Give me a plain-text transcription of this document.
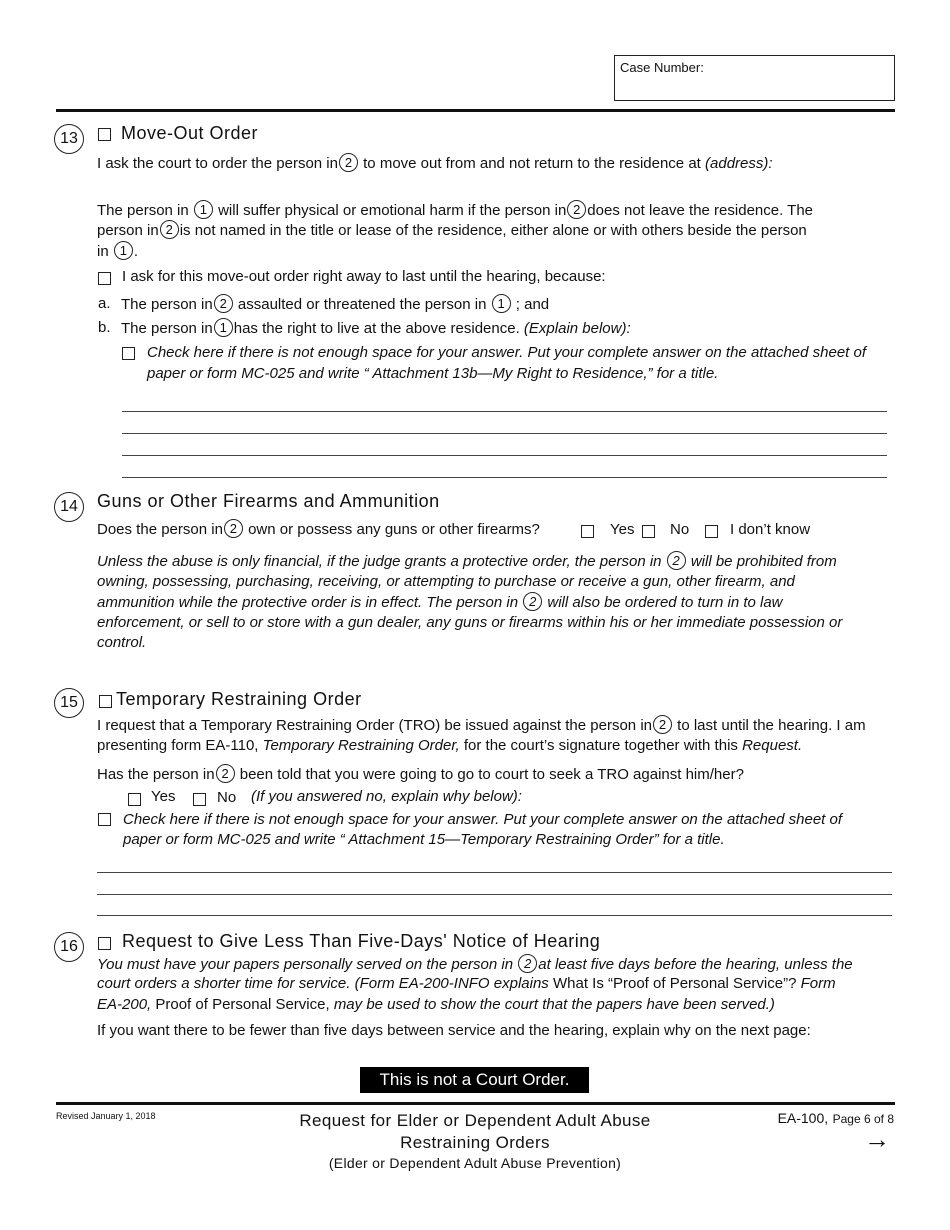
Case Number:
13	Move-Out Order
I ask the court to order the person in 2 to move out from and not return to the residence at (address):
The person in 1 will suffer physical or emotional harm if the person in 2 does not leave the residence. The
person in 2 is not named in the title or lease of the residence, either alone or with others beside the person
in 1 .
I ask for this move-out order right away to last until the hearing, because:
a. The person in 2 assaulted or threatened the person in 1 ; and
b. The person in 1 has the right to live at the above residence. (Explain below):
Check here if there is not enough space for your answer. Put your complete answer on the attached sheet of
paper or form MC-025 and write “ Attachment 13b—My Right to Residence,” for a title.
14	Guns or Other Firearms and Ammunition
Does the person in 2 own or possess any guns or other firearms?	Yes No	I don’t know
Unless the abuse is only financial, if the judge grants a protective order, the person in 2 will be prohibited from
owning, possessing, purchasing, receiving, or attempting to purchase or receive a gun, other firearm, and
ammunition while the protective order is in effect. The person in 2 will also be ordered to turn in to law
enforcement, or sell to or store with a gun dealer, any guns or firearms within his or her immediate possession or
control.
15	Temporary Restraining Order
I request that a Temporary Restraining Order (TRO) be issued against the person in 2 to last until the hearing. I am
presenting form EA-110, Temporary Restraining Order, for the court’s signature together with this Request.
Has the person in 2 been told that you were going to go to court to seek a TRO against him/her?
Yes	No (If you answered no, explain why below):
Check here if there is not enough space for your answer. Put your complete answer on the attached sheet of
paper or form MC-025 and write “ Attachment 15—Temporary Restraining Order” for a title.
16	Request to Give Less Than Five-Days' Notice of Hearing
You must have your papers personally served on the person in 2 at least five days before the hearing, unless the
court orders a shorter time for service. (Form EA-200-INFO explains What Is “Proof of Personal Service”? Form
EA-200, Proof of Personal Service, may be used to show the court that the papers have been served.)
If you want there to be fewer than five days between service and the hearing, explain why on the next page:
This is not a Court Order.
Revised January 1, 2018	Request for Elder or Dependent Adult Abuse
Restraining Orders
(Elder or Dependent Adult Abuse Prevention)
EA-100, Page 6 of 8
→
